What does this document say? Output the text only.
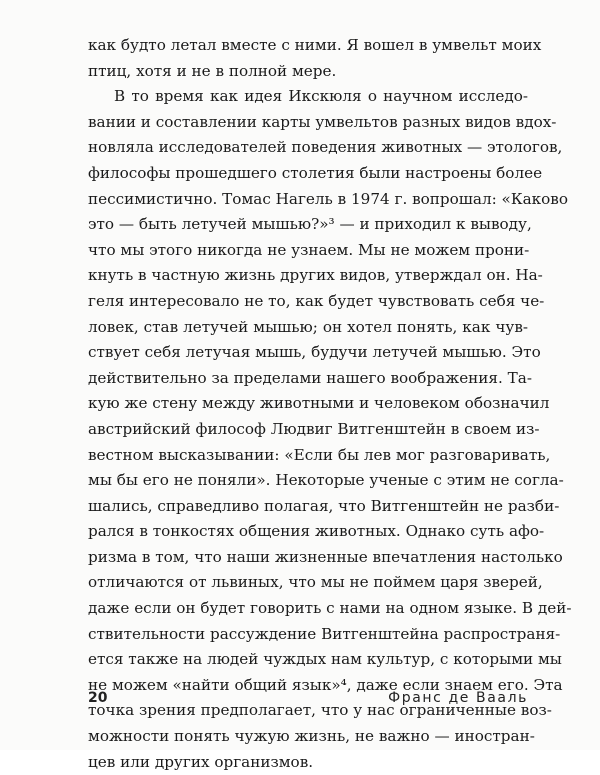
как будто летал вместе с ними. Я вошел в умвельт моих
птиц, хотя и не в полной мере.
В то время как идея Икскюля о научном исследо-
вании и составлении карты умвельтов разных видов вдох-
новляла исследователей поведения животных — этологов,
философы прошедшего столетия были настроены более
пессимистично. Томас Нагель в 1974 г. вопрошал: «Каково
это — быть летучей мышью?»³ — и приходил к выводу,
что мы этого никогда не узнаем. Мы не можем прони-
кнуть в частную жизнь других видов, утверждал он. На-
геля интересовало не то, как будет чувствовать себя че-
ловек, став летучей мышью; он хотел понять, как чув-
ствует себя летучая мышь, будучи летучей мышью. Это
действительно за пределами нашего воображения. Та-
кую же стену между животными и человеком обозначил
австрийский философ Людвиг Витгенштейн в своем из-
вестном высказывании: «Если бы лев мог разговаривать,
мы бы его не поняли». Некоторые ученые с этим не согла-
шались, справедливо полагая, что Витгенштейн не разби-
рался в тонкостях общения животных. Однако суть афо-
ризма в том, что наши жизненные впечатления настолько
отличаются от львиных, что мы не поймем царя зверей,
даже если он будет говорить с нами на одном языке. В дей-
ствительности рассуждение Витгенштейна распространя-
ется также на людей чуждых нам культур, с которыми мы
не можем «найти общий язык»⁴, даже если знаем его. Эта
точка зрения предполагает, что у нас ограниченные воз-
можности понять чужую жизнь, не важно — иностран-
цев или других организмов.
20	Франс де Вааль
